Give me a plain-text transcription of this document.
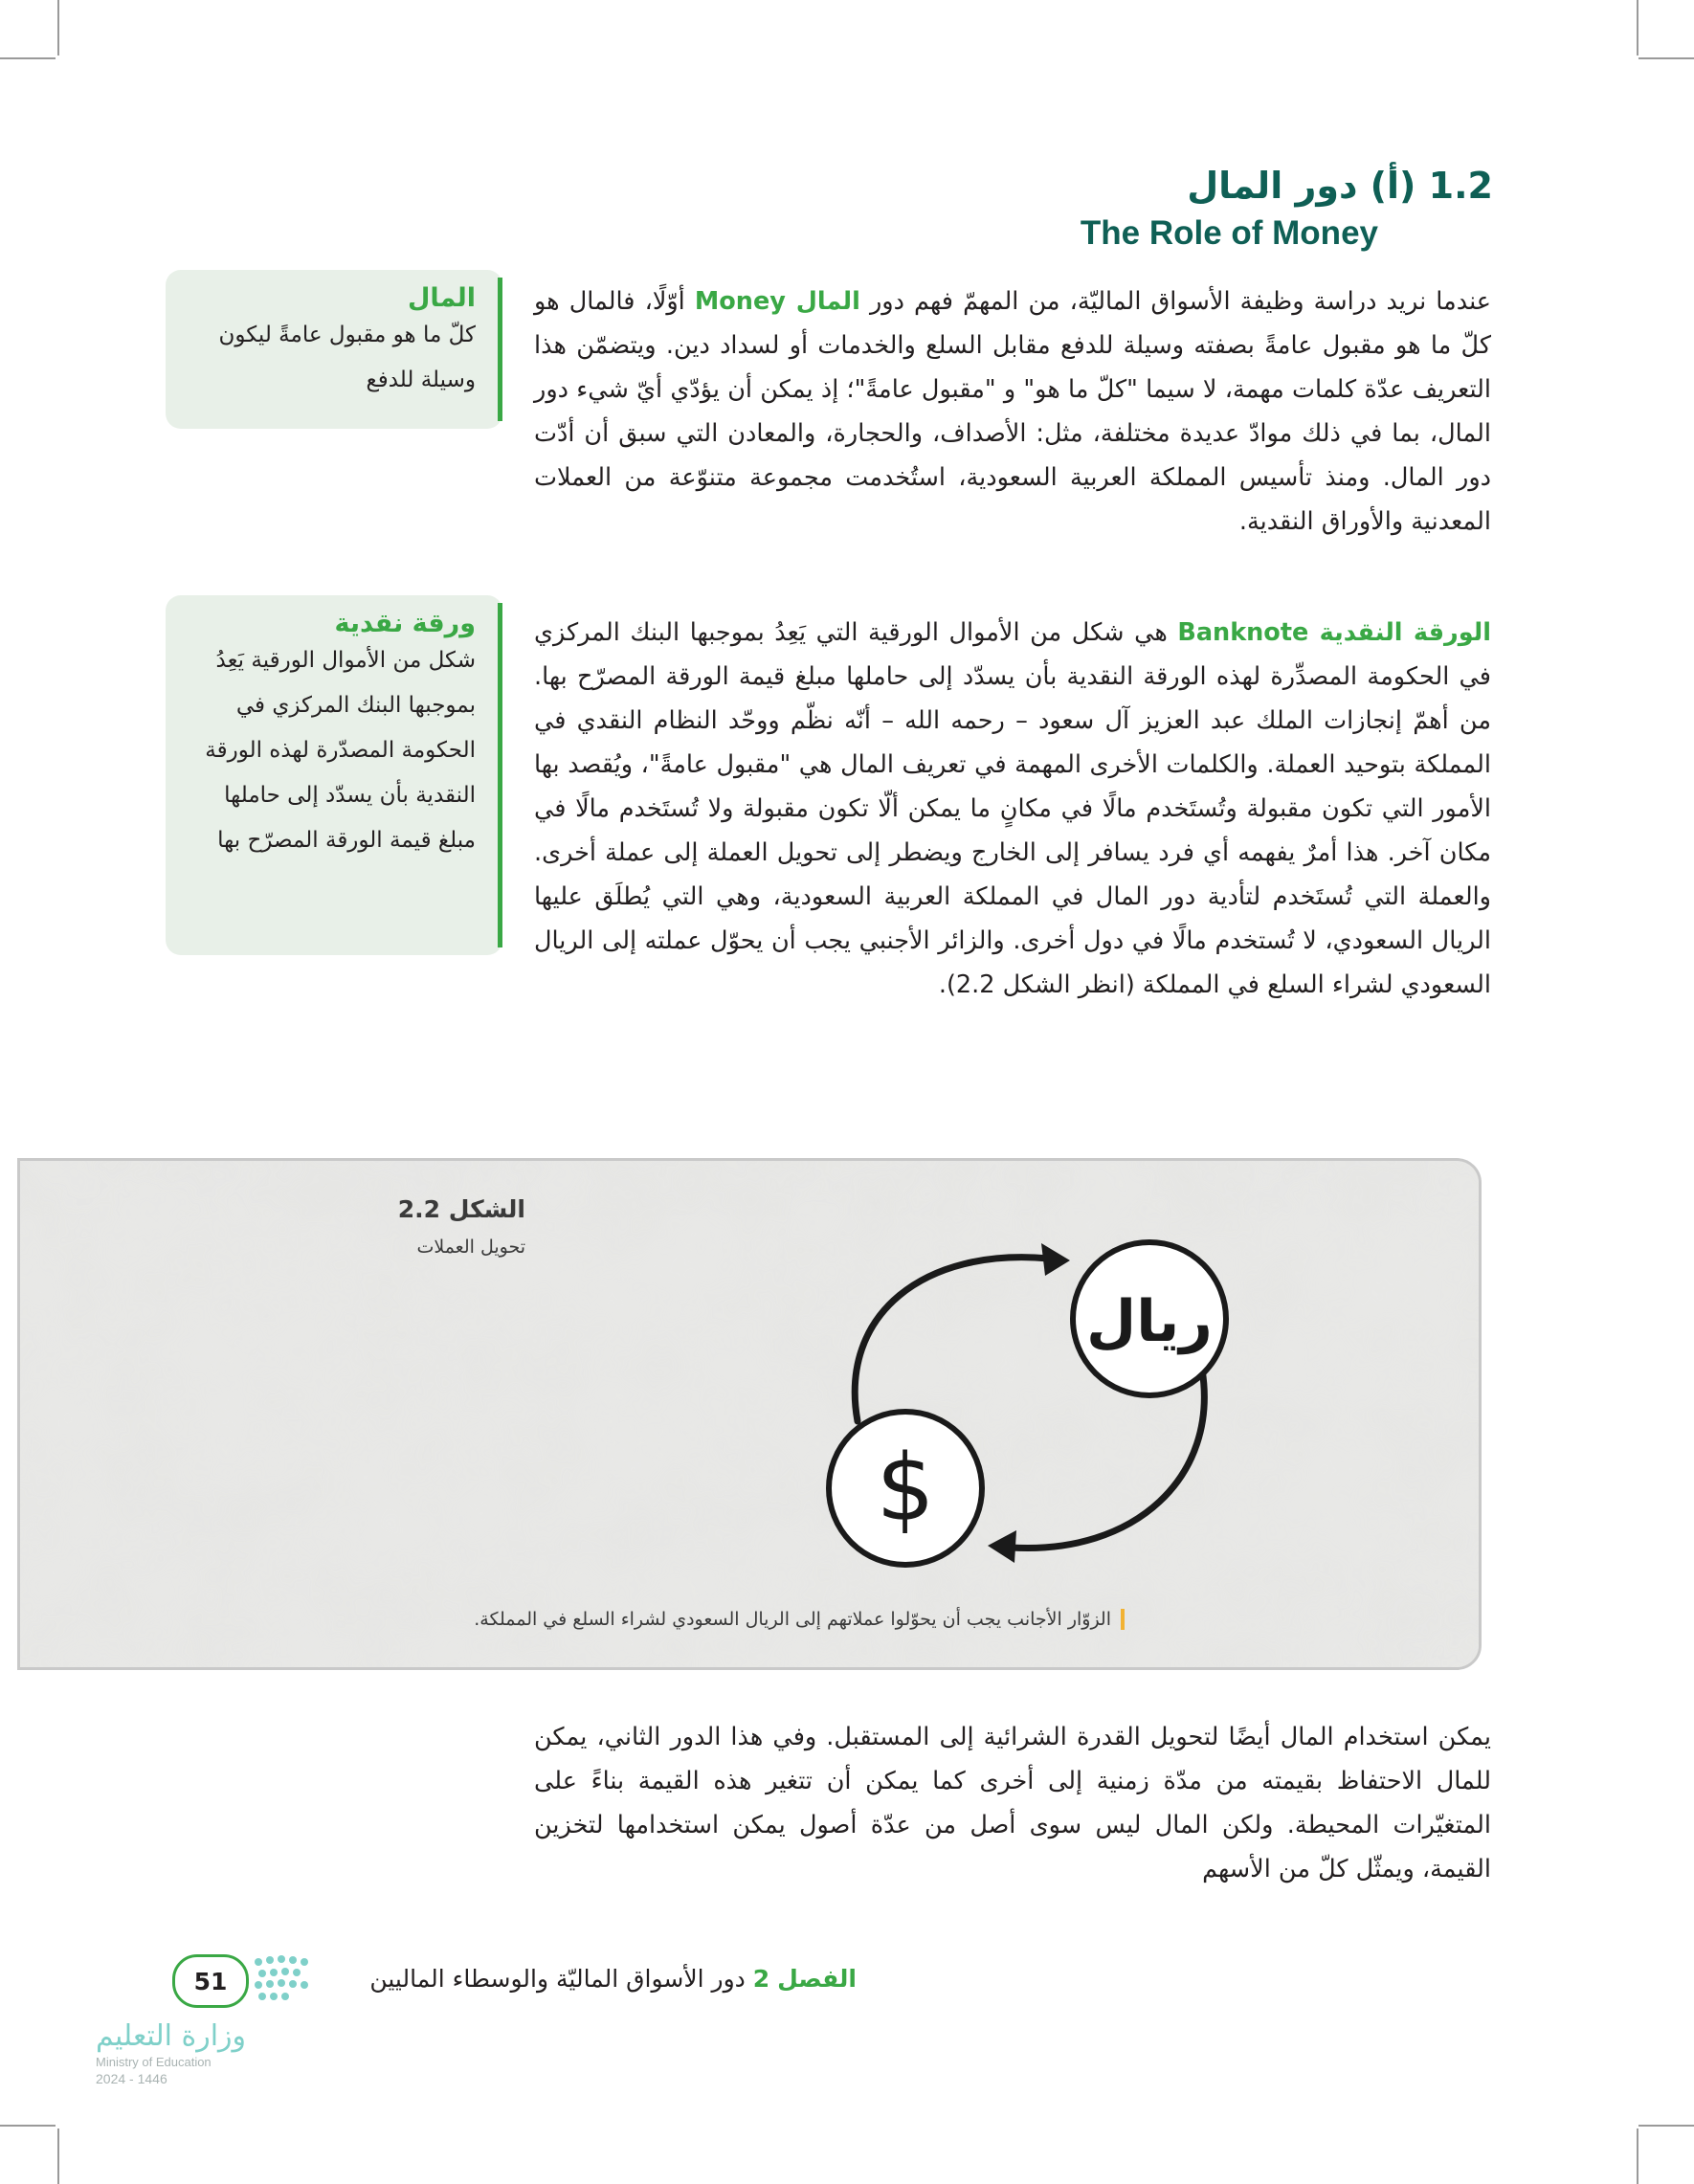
1.2 (أ) دور المال
The Role of Money

عندما نريد دراسة وظيفة الأسواق الماليّة، من المهمّ فهم دور المال Money أوّلًا، فالمال هو كلّ ما هو مقبول عامةً بصفته وسيلة للدفع مقابل السلع والخدمات أو لسداد دين. ويتضمّن هذا التعريف عدّة كلمات مهمة، لا سيما "كلّ ما هو" و "مقبول عامةً"؛ إذ يمكن أن يؤدّي أيّ شيء دور المال، بما في ذلك موادّ عديدة مختلفة، مثل: الأصداف، والحجارة، والمعادن التي سبق أن أدّت دور المال. ومنذ تأسيس المملكة العربية السعودية، استُخدمت مجموعة متنوّعة من العملات المعدنية والأوراق النقدية.

الورقة النقدية Banknote هي شكل من الأموال الورقية التي يَعِدُ بموجبها البنك المركزي في الحكومة المصدِّرة لهذه الورقة النقدية بأن يسدّد إلى حاملها مبلغ قيمة الورقة المصرّح بها. من أهمّ إنجازات الملك عبد العزيز آل سعود – رحمه الله – أنّه نظّم ووحّد النظام النقدي في المملكة بتوحيد العملة. والكلمات الأخرى المهمة في تعريف المال هي "مقبول عامةً"، ويُقصد بها الأمور التي تكون مقبولة وتُستَخدم مالًا في مكانٍ ما يمكن ألّا تكون مقبولة ولا تُستَخدم مالًا في مكان آخر. هذا أمرٌ يفهمه أي فرد يسافر إلى الخارج ويضطر إلى تحويل العملة إلى عملة أخرى. والعملة التي تُستَخدم لتأدية دور المال في المملكة العربية السعودية، وهي التي يُطلَق عليها الريال السعودي، لا تُستخدم مالًا في دول أخرى. والزائر الأجنبي يجب أن يحوّل عملته إلى الريال السعودي لشراء السلع في المملكة (انظر الشكل 2.2).

المال
كلّ ما هو مقبول عامةً ليكون وسيلة للدفع
ورقة نقدية
شكل من الأموال الورقية يَعِدُ بموجبها البنك المركزي في الحكومة المصدّرة لهذه الورقة النقدية بأن يسدّد إلى حاملها مبلغ قيمة الورقة المصرّح بها
الشكل 2.2
تحويل العملات
ريال
$
الزوّار الأجانب يجب أن يحوّلوا عملاتهم إلى الريال السعودي لشراء السلع في المملكة.

يمكن استخدام المال أيضًا لتحويل القدرة الشرائية إلى المستقبل. وفي هذا الدور الثاني، يمكن للمال الاحتفاظ بقيمته من مدّة زمنية إلى أخرى كما يمكن أن تتغير هذه القيمة بناءً على المتغيّرات المحيطة. ولكن المال ليس سوى أصل من عدّة أصول يمكن استخدامها لتخزين القيمة، ويمثّل كلّ من الأسهم

الفصل 2 دور الأسواق الماليّة والوسطاء الماليين
51
وزارة التعليم
Ministry of Education
2024 - 1446
